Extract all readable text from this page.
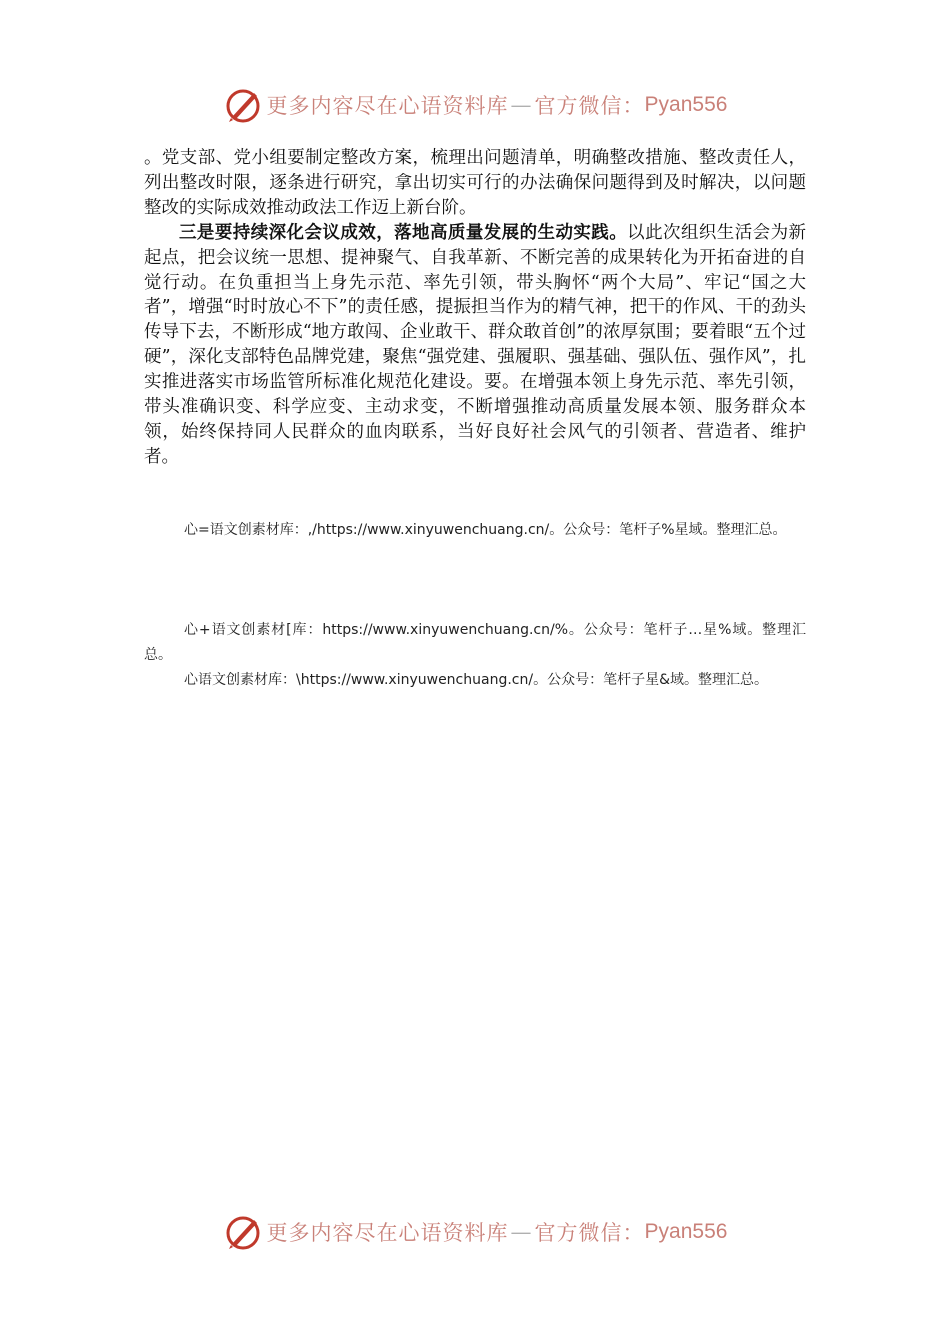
更多内容尽在心语资料库 — 官方微信： Pyan556

。党支部、党小组要制定整改方案，梳理出问题清单，明确整改措施、整改责任人，列出整改时限，逐条进行研究，拿出切实可行的办法确保问题得到及时解决，以问题整改的实际成效推动政法工作迈上新台阶。

三是要持续深化会议成效，落地高质量发展的生动实践。以此次组织生活会为新起点，把会议统一思想、提神聚气、自我革新、不断完善的成果转化为开拓奋进的自觉行动。在负重担当上身先示范、率先引领，带头胸怀“两个大局”、牢记“国之大者”，增强“时时放心不下”的责任感，提振担当作为的精气神，把干的作风、干的劲头传导下去，不断形成“地方敢闯、企业敢干、群众敢首创”的浓厚氛围；要着眼“五个过硬”，深化支部特色品牌党建，聚焦“强党建、强履职、强基础、强队伍、强作风”，扎实推进落实市场监管所标准化规范化建设。要。在增强本领上身先示范、率先引领，带头准确识变、科学应变、主动求变，不断增强推动高质量发展本领、服务群众本领，始终保持同人民群众的血肉联系，当好良好社会风气的引领者、营造者、维护者。

心=语文创素材库：,/https://www.xinyuwenchuang.cn/。公众号：笔杆子%星域。整理汇总。

心+语文创素材[库：https://www.xinyuwenchuang.cn/%。公众号：笔杆子…星%域。整理汇总。

心语文创素材库：\https://www.xinyuwenchuang.cn/。公众号：笔杆子星&域。整理汇总。

更多内容尽在心语资料库 — 官方微信： Pyan556
